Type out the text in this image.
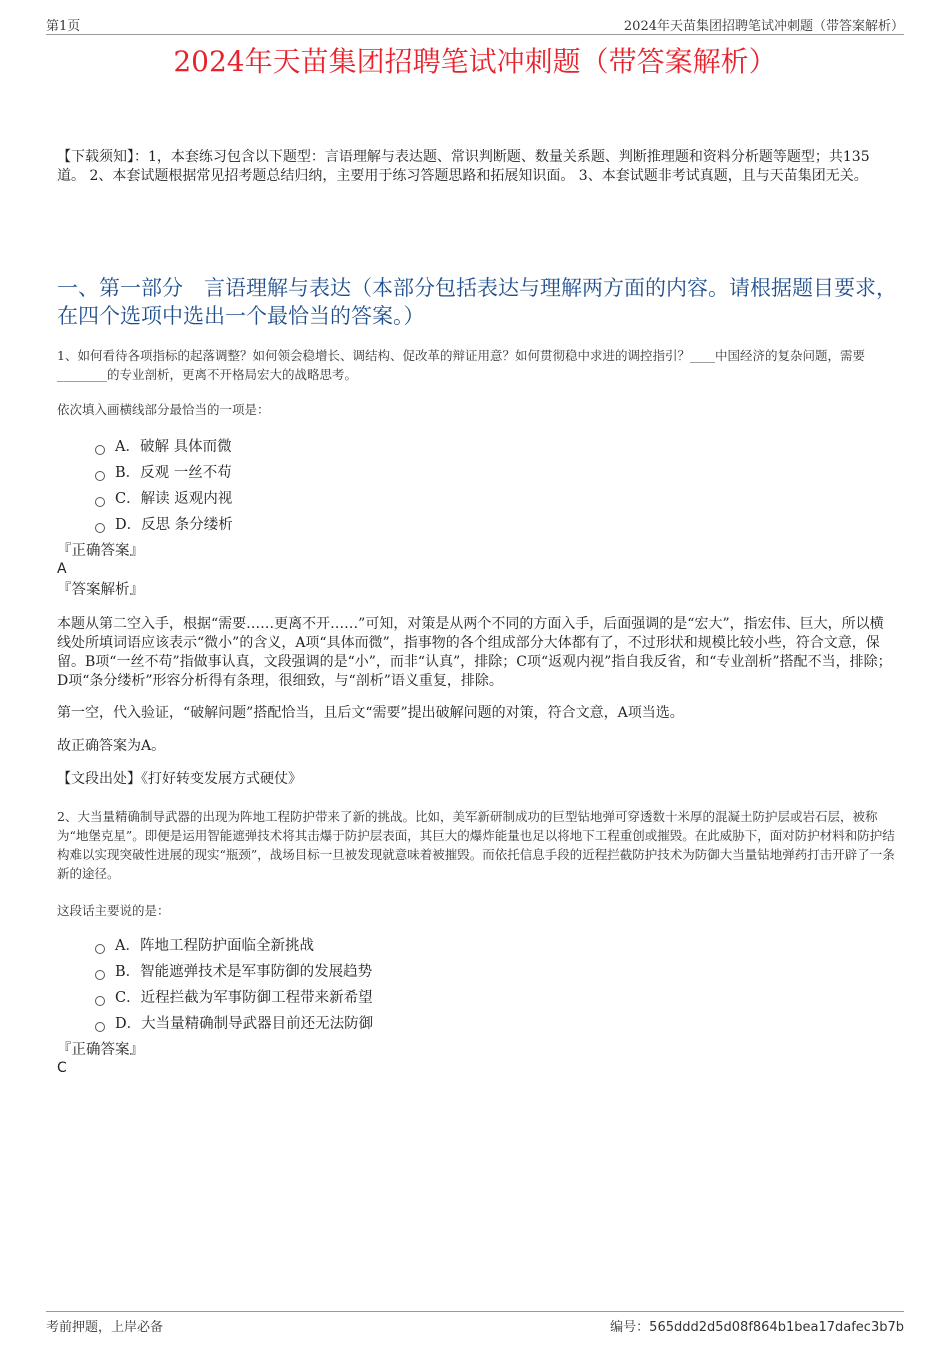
第1页	2024年天苗集团招聘笔试冲刺题（带答案解析）
2024年天苗集团招聘笔试冲刺题（带答案解析）
【下载须知】：1，本套练习包含以下题型：言语理解与表达题、常识判断题、数量关系题、判断推理题和资料分析题等题型；共135道。 2、本套试题根据常见招考题总结归纳，主要用于练习答题思路和拓展知识面。 3、本套试题非考试真题，且与天苗集团无关。
一、第一部分　言语理解与表达（本部分包括表达与理解两方面的内容。请根据题目要求，在四个选项中选出一个最恰当的答案。）
1、如何看待各项指标的起落调整？如何领会稳增长、调结构、促改革的辩证用意？如何贯彻稳中求进的调控指引？____中国经济的复杂问题，需要________的专业剖析，更离不开格局宏大的战略思考。
依次填入画横线部分最恰当的一项是：
A．破解 具体而微
B．反观 一丝不苟
C．解读 返观内视
D．反思 条分缕析
『正确答案』
A
『答案解析』
本题从第二空入手，根据“需要……更离不开……”可知，对策是从两个不同的方面入手，后面强调的是“宏大”，指宏伟、巨大，所以横线处所填词语应该表示“微小”的含义，A项“具体而微”，指事物的各个组成部分大体都有了，不过形状和规模比较小些，符合文意，保留。B项“一丝不苟”指做事认真，文段强调的是“小”，而非“认真”，排除；C项“返观内视”指自我反省，和“专业剖析”搭配不当，排除；D项“条分缕析”形容分析得有条理，很细致，与“剖析”语义重复，排除。
第一空，代入验证，“破解问题”搭配恰当，且后文“需要”提出破解问题的对策，符合文意，A项当选。
故正确答案为A。
【文段出处】《打好转变发展方式硬仗》
2、大当量精确制导武器的出现为阵地工程防护带来了新的挑战。比如，美军新研制成功的巨型钻地弹可穿透数十米厚的混凝土防护层或岩石层，被称为“地堡克星”。即便是运用智能遮弹技术将其击爆于防护层表面，其巨大的爆炸能量也足以将地下工程重创或摧毁。在此威胁下，面对防护材料和防护结构难以实现突破性进展的现实“瓶颈”，战场目标一旦被发现就意味着被摧毁。而依托信息手段的近程拦截防护技术为防御大当量钻地弹药打击开辟了一条新的途径。
这段话主要说的是：
A．阵地工程防护面临全新挑战
B．智能遮弹技术是军事防御的发展趋势
C．近程拦截为军事防御工程带来新希望
D．大当量精确制导武器目前还无法防御
『正确答案』
C
考前押题，上岸必备	编号：565ddd2d5d08f864b1bea17dafec3b7b
